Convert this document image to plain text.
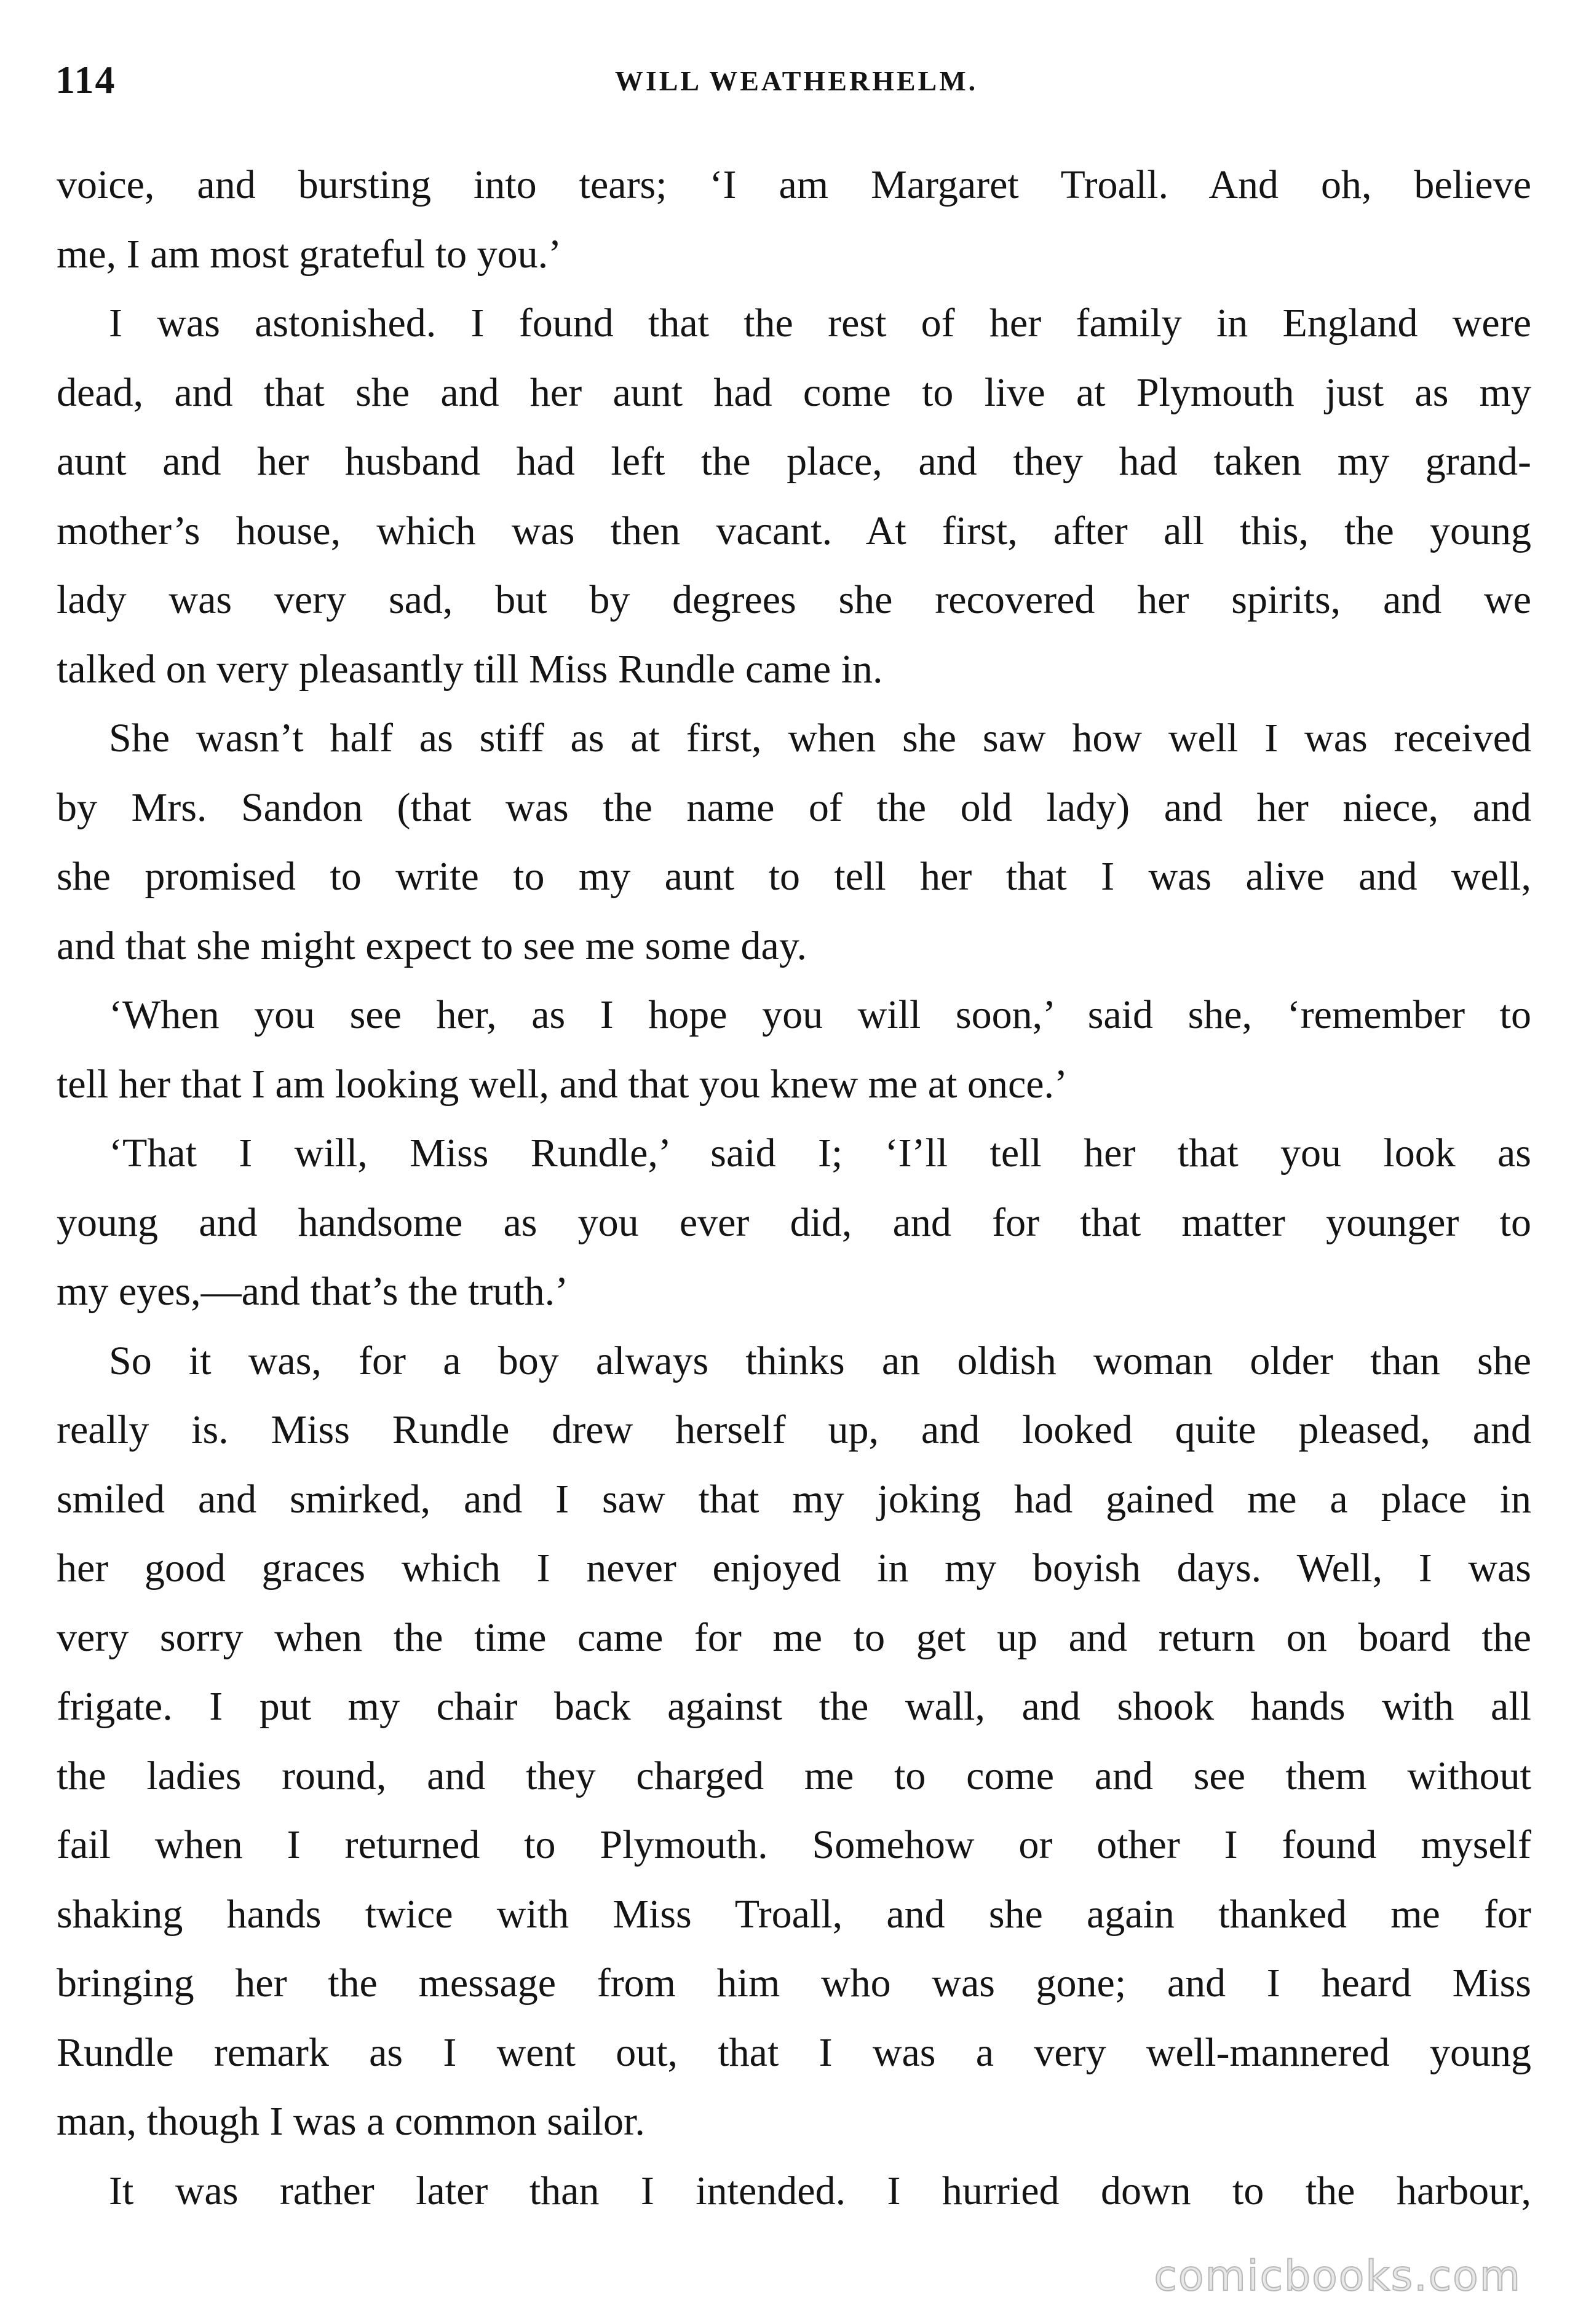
114	WILL WEATHERHELM.

voice, and bursting into tears; ‘I am Margaret Troall. And oh, believe
me, I am most grateful to you.’

I was astonished. I found that the rest of her family in England were
dead, and that she and her aunt had come to live at Plymouth just as my
aunt and her husband had left the place, and they had taken my grand-
mother’s house, which was then vacant. At first, after all this, the young
lady was very sad, but by degrees she recovered her spirits, and we
talked on very pleasantly till Miss Rundle came in.

She wasn’t half as stiff as at first, when she saw how well I was received
by Mrs. Sandon (that was the name of the old lady) and her niece, and
she promised to write to my aunt to tell her that I was alive and well,
and that she might expect to see me some day.

‘When you see her, as I hope you will soon,’ said she, ‘remember to
tell her that I am looking well, and that you knew me at once.’

‘That I will, Miss Rundle,’ said I; ‘I’ll tell her that you look as
young and handsome as you ever did, and for that matter younger to
my eyes,—and that’s the truth.’

So it was, for a boy always thinks an oldish woman older than she
really is. Miss Rundle drew herself up, and looked quite pleased, and
smiled and smirked, and I saw that my joking had gained me a place in
her good graces which I never enjoyed in my boyish days. Well, I was
very sorry when the time came for me to get up and return on board the
frigate. I put my chair back against the wall, and shook hands with all
the ladies round, and they charged me to come and see them without
fail when I returned to Plymouth. Somehow or other I found myself
shaking hands twice with Miss Troall, and she again thanked me for
bringing her the message from him who was gone; and I heard Miss
Rundle remark as I went out, that I was a very well-mannered young
man, though I was a common sailor.

It was rather later than I intended. I hurried down to the harbour,

comicbooks.com
